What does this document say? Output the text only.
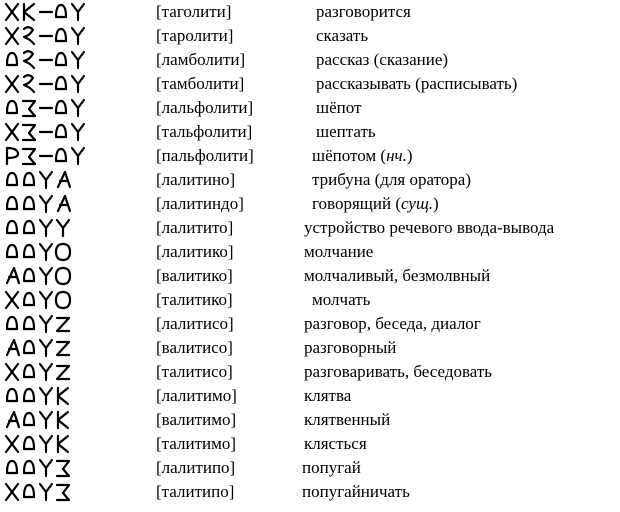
[таголити]	разговорится
[таролити]	сказать
[ламболити]	рассказ (сказание)
[тамболити]	рассказывать (расписывать)
[лальфолити]	шёпот
[тальфолити]	шептать
[пальфолити]	шёпотом (нч.)
[лалитино]	трибуна (для оратора)
[лалитиндо]	говорящий (сущ.)
[лалитито]	устройство речевого ввода-вывода
[лалитико]	молчание
[валитико]	молчаливый, безмолвный
[талитико]	молчать
[лалитисо]	разговор, беседа, диалог
[валитисо]	разговорный
[талитисо]	разговаривать, беседовать
[лалитимо]	клятва
[валитимо]	клятвенный
[талитимо]	клясться
[лалитипо]	попугай
[талитипо]	попугайничать
